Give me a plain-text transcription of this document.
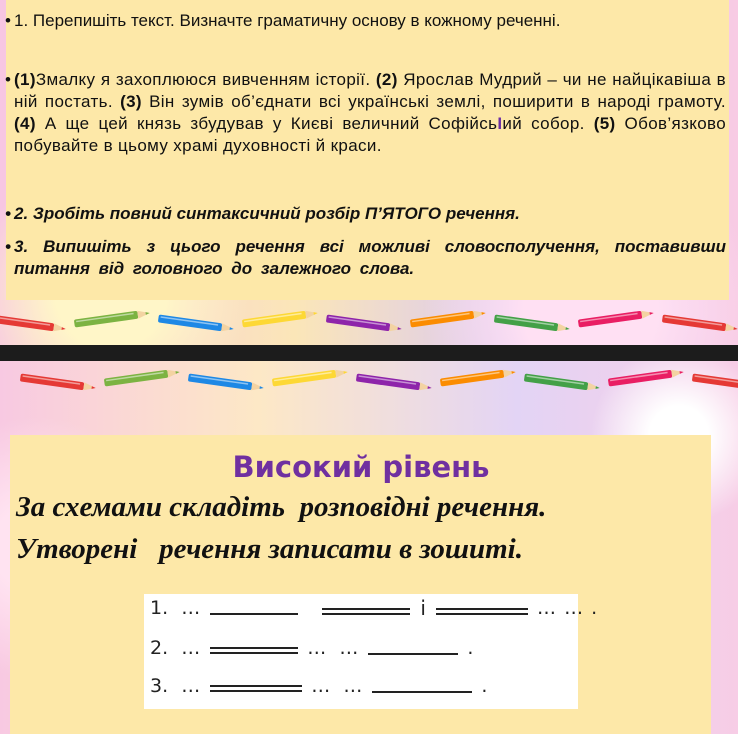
• 1. Перепишіть текст. Визначте граматичну основу в кожному реченні.
• (1)Змалку я захоплююся вивченням історії. (2) Ярослав Мудрий – чи не найцікавіша в ній постать. (3) Він зумів об’єднати всі українські землі, поширити в народі грамоту. (4) А ще цей князь збудував у Києві величний СофійсьIий собор. (5) Обов’язково побувайте в цьому храмі духовності й краси.
• 2. Зробіть повний синтаксичний розбір П’ЯТОГО речення.
• 3. Випишіть з цього речення всі можливі словосполучення, поставивши питання від головного до залежного слова.
Високий рівень
За схемами складіть  розповідні речення.
Утворені   речення записати в зошиті.
1. …	і	… … .
2. …	… …	.
3. …	… …	.
